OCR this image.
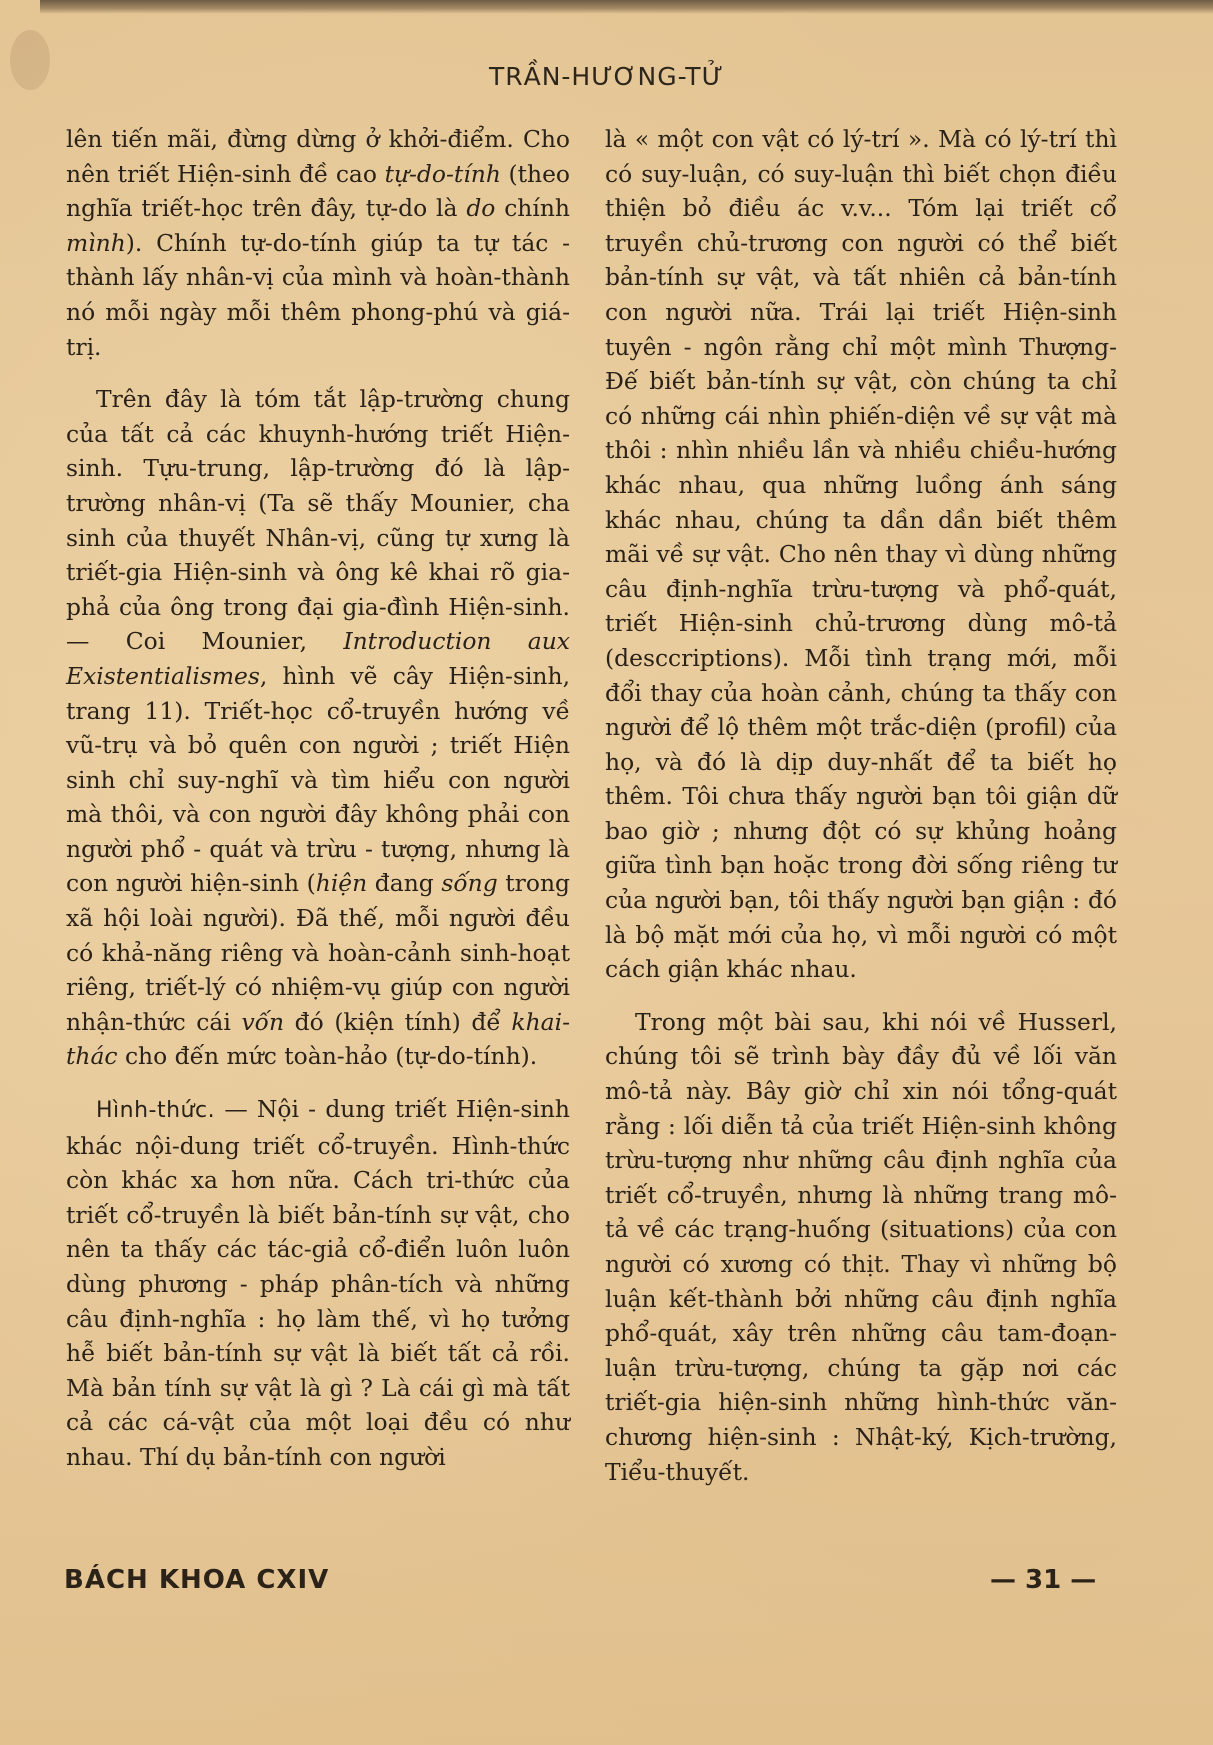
TRẦN-HƯƠNG-TỬ

lên tiến mãi, đừng dừng ở khởi-điểm. Cho nên triết Hiện-sinh đề cao tự-do-tính (theo nghĩa triết-học trên đây, tự-do là do chính mình). Chính tự-do-tính giúp ta tự tác - thành lấy nhân-vị của mình và hoàn-thành nó mỗi ngày mỗi thêm phong-phú và giá-trị.

Trên đây là tóm tắt lập-trường chung của tất cả các khuynh-hướng triết Hiện-sinh. Tựu-trung, lập-trường đó là lập-trường nhân-vị (Ta sẽ thấy Mounier, cha sinh của thuyết Nhân-vị, cũng tự xưng là triết-gia Hiện-sinh và ông kê khai rõ gia-phả của ông trong đại gia-đình Hiện-sinh. — Coi Mounier, Introduction aux Existentialismes, hình vẽ cây Hiện-sinh, trang 11). Triết-học cổ-truyền hướng về vũ-trụ và bỏ quên con người ; triết Hiện sinh chỉ suy-nghĩ và tìm hiểu con người mà thôi, và con người đây không phải con người phổ - quát và trừu - tượng, nhưng là con người hiện-sinh (hiện đang sống trong xã hội loài người). Đã thế, mỗi người đều có khả-năng riêng và hoàn-cảnh sinh-hoạt riêng, triết-lý có nhiệm-vụ giúp con người nhận-thức cái vốn đó (kiện tính) để khai-thác cho đến mức toàn-hảo (tự-do-tính).

Hình-thức. — Nội - dung triết Hiện-sinh khác nội-dung triết cổ-truyền. Hình-thức còn khác xa hơn nữa. Cách tri-thức của triết cổ-truyền là biết bản-tính sự vật, cho nên ta thấy các tác-giả cổ-điển luôn luôn dùng phương - pháp phân-tích và những câu định-nghĩa : họ làm thế, vì họ tưởng hễ biết bản-tính sự vật là biết tất cả rồi. Mà bản tính sự vật là gì ? Là cái gì mà tất cả các cá-vật của một loại đều có như nhau. Thí dụ bản-tính con người

là « một con vật có lý-trí ». Mà có lý-trí thì có suy-luận, có suy-luận thì biết chọn điều thiện bỏ điều ác v.v... Tóm lại triết cổ truyền chủ-trương con người có thể biết bản-tính sự vật, và tất nhiên cả bản-tính con người nữa. Trái lại triết Hiện-sinh tuyên - ngôn rằng chỉ một mình Thượng-Đế biết bản-tính sự vật, còn chúng ta chỉ có những cái nhìn phiến-diện về sự vật mà thôi : nhìn nhiều lần và nhiều chiều-hướng khác nhau, qua những luồng ánh sáng khác nhau, chúng ta dần dần biết thêm mãi về sự vật. Cho nên thay vì dùng những câu định-nghĩa trừu-tượng và phổ-quát, triết Hiện-sinh chủ-trương dùng mô-tả (desccriptions). Mỗi tình trạng mới, mỗi đổi thay của hoàn cảnh, chúng ta thấy con người để lộ thêm một trắc-diện (profil) của họ, và đó là dịp duy-nhất để ta biết họ thêm. Tôi chưa thấy người bạn tôi giận dữ bao giờ ; nhưng đột có sự khủng hoảng giữa tình bạn hoặc trong đời sống riêng tư của người bạn, tôi thấy người bạn giận : đó là bộ mặt mới của họ, vì mỗi người có một cách giận khác nhau.

Trong một bài sau, khi nói về Husserl, chúng tôi sẽ trình bày đầy đủ về lối văn mô-tả này. Bây giờ chỉ xin nói tổng-quát rằng : lối diễn tả của triết Hiện-sinh không trừu-tượng như những câu định nghĩa của triết cổ-truyền, nhưng là những trang mô-tả về các trạng-huống (situations) của con người có xương có thịt. Thay vì những bộ luận kết-thành bởi những câu định nghĩa phổ-quát, xây trên những câu tam-đoạn-luận trừu-tượng, chúng ta gặp nơi các triết-gia hiện-sinh những hình-thức văn-chương hiện-sinh : Nhật-ký, Kịch-trường, Tiểu-thuyết.

BÁCH KHOA CXIV	— 31 —
